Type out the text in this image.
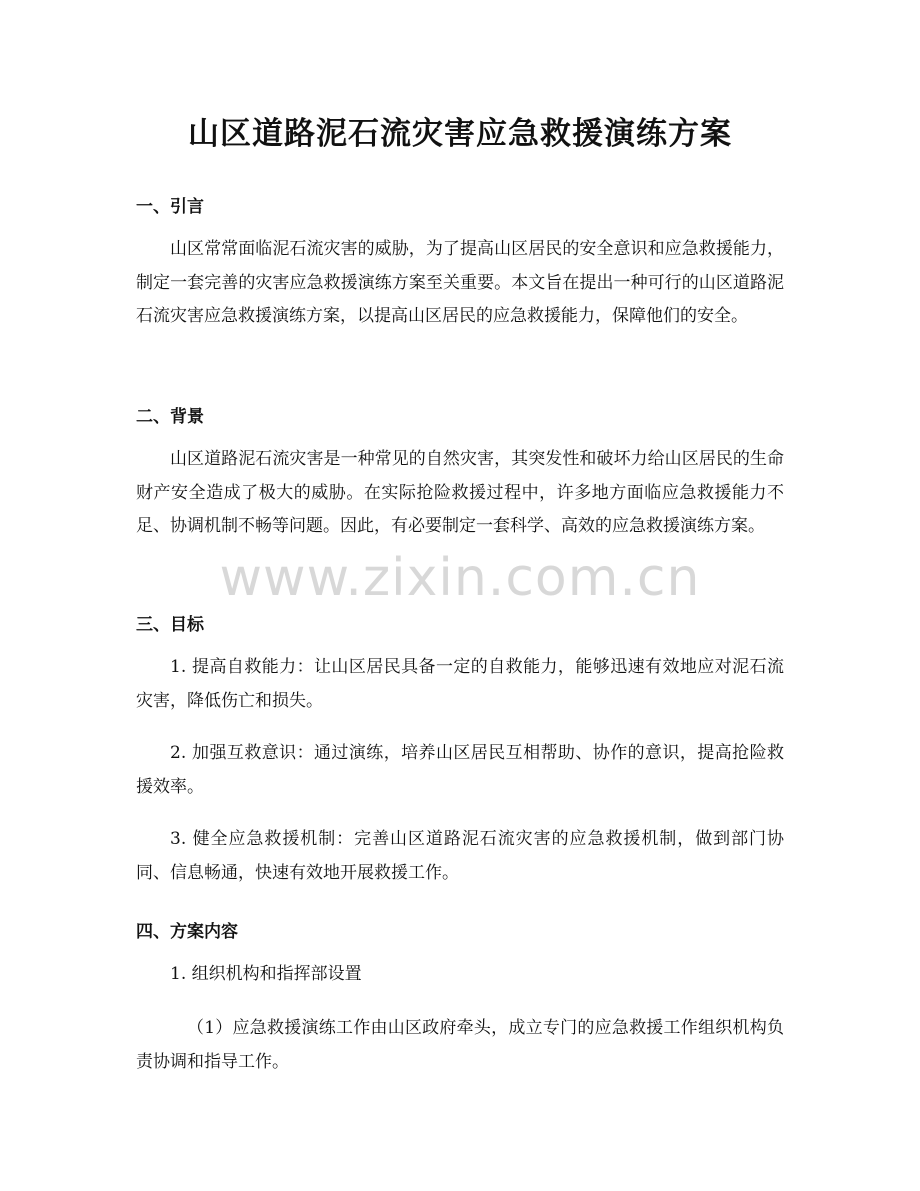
山区道路泥石流灾害应急救援演练方案
一、引言

山区常常面临泥石流灾害的威胁，为了提高山区居民的安全意识和应急救援能力，制定一套完善的灾害应急救援演练方案至关重要。本文旨在提出一种可行的山区道路泥石流灾害应急救援演练方案，以提高山区居民的应急救援能力，保障他们的安全。

二、背景

山区道路泥石流灾害是一种常见的自然灾害，其突发性和破坏力给山区居民的生命财产安全造成了极大的威胁。在实际抢险救援过程中，许多地方面临应急救援能力不足、协调机制不畅等问题。因此，有必要制定一套科学、高效的应急救援演练方案。

三、目标

1. 提高自救能力：让山区居民具备一定的自救能力，能够迅速有效地应对泥石流灾害，降低伤亡和损失。

2. 加强互救意识：通过演练，培养山区居民互相帮助、协作的意识，提高抢险救援效率。

3. 健全应急救援机制：完善山区道路泥石流灾害的应急救援机制，做到部门协同、信息畅通，快速有效地开展救援工作。

四、方案内容

1. 组织机构和指挥部设置

（1）应急救援演练工作由山区政府牵头，成立专门的应急救援工作组织机构负责协调和指导工作。

www.zixin.com.cn
